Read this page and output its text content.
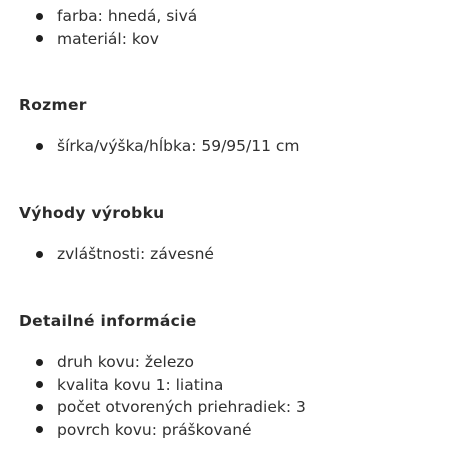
farba: hnedá, sivá
materiál: kov
Rozmer
šírka/výška/hĺbka: 59/95/11 cm
Výhody výrobku
zvláštnosti: závesné
Detailné informácie
druh kovu: železo
kvalita kovu 1: liatina
počet otvorených priehradiek: 3
povrch kovu: práškované
